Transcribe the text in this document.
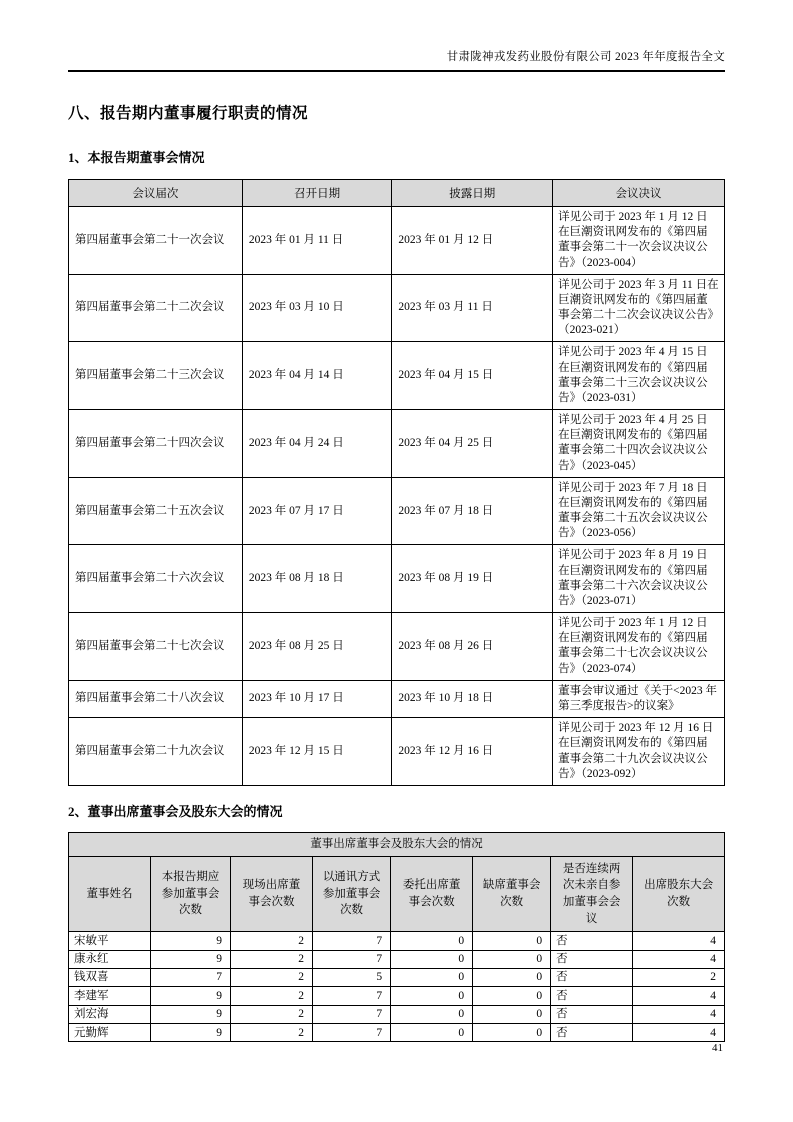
甘肃陇神戎发药业股份有限公司 2023 年年度报告全文
八、报告期内董事履行职责的情况
1、本报告期董事会情况
会议届次	召开日期	披露日期	会议决议
第四届董事会第二十一次会议	2023 年 01 月 11 日	2023 年 01 月 12 日	详见公司于 2023 年 1 月 12 日在巨潮资讯网发布的《第四届董事会第二十一次会议决议公告》（2023-004）
第四届董事会第二十二次会议	2023 年 03 月 10 日	2023 年 03 月 11 日	详见公司于 2023 年 3 月 11 日在巨潮资讯网发布的《第四届董事会第二十二次会议决议公告》（2023-021）
第四届董事会第二十三次会议	2023 年 04 月 14 日	2023 年 04 月 15 日	详见公司于 2023 年 4 月 15 日在巨潮资讯网发布的《第四届董事会第二十三次会议决议公告》（2023-031）
第四届董事会第二十四次会议	2023 年 04 月 24 日	2023 年 04 月 25 日	详见公司于 2023 年 4 月 25 日在巨潮资讯网发布的《第四届董事会第二十四次会议决议公告》（2023-045）
第四届董事会第二十五次会议	2023 年 07 月 17 日	2023 年 07 月 18 日	详见公司于 2023 年 7 月 18 日在巨潮资讯网发布的《第四届董事会第二十五次会议决议公告》（2023-056）
第四届董事会第二十六次会议	2023 年 08 月 18 日	2023 年 08 月 19 日	详见公司于 2023 年 8 月 19 日在巨潮资讯网发布的《第四届董事会第二十六次会议决议公告》（2023-071）
第四届董事会第二十七次会议	2023 年 08 月 25 日	2023 年 08 月 26 日	详见公司于 2023 年 1 月 12 日在巨潮资讯网发布的《第四届董事会第二十七次会议决议公告》（2023-074）
第四届董事会第二十八次会议	2023 年 10 月 17 日	2023 年 10 月 18 日	董事会审议通过《关于<2023 年第三季度报告>的议案》
第四届董事会第二十九次会议	2023 年 12 月 15 日	2023 年 12 月 16 日	详见公司于 2023 年 12 月 16 日在巨潮资讯网发布的《第四届董事会第二十九次会议决议公告》（2023-092）
2、董事出席董事会及股东大会的情况
董事出席董事会及股东大会的情况							
董事姓名	本报告期应参加董事会次数	现场出席董事会次数	以通讯方式参加董事会次数	委托出席董事会次数	缺席董事会次数	是否连续两次未亲自参加董事会会议	出席股东大会次数
宋敏平	9	2	7	0	0	否	4
康永红	9	2	7	0	0	否	4
钱双喜	7	2	5	0	0	否	2
李建军	9	2	7	0	0	否	4
刘宏海	9	2	7	0	0	否	4
元勤辉	9	2	7	0	0	否	4
41
